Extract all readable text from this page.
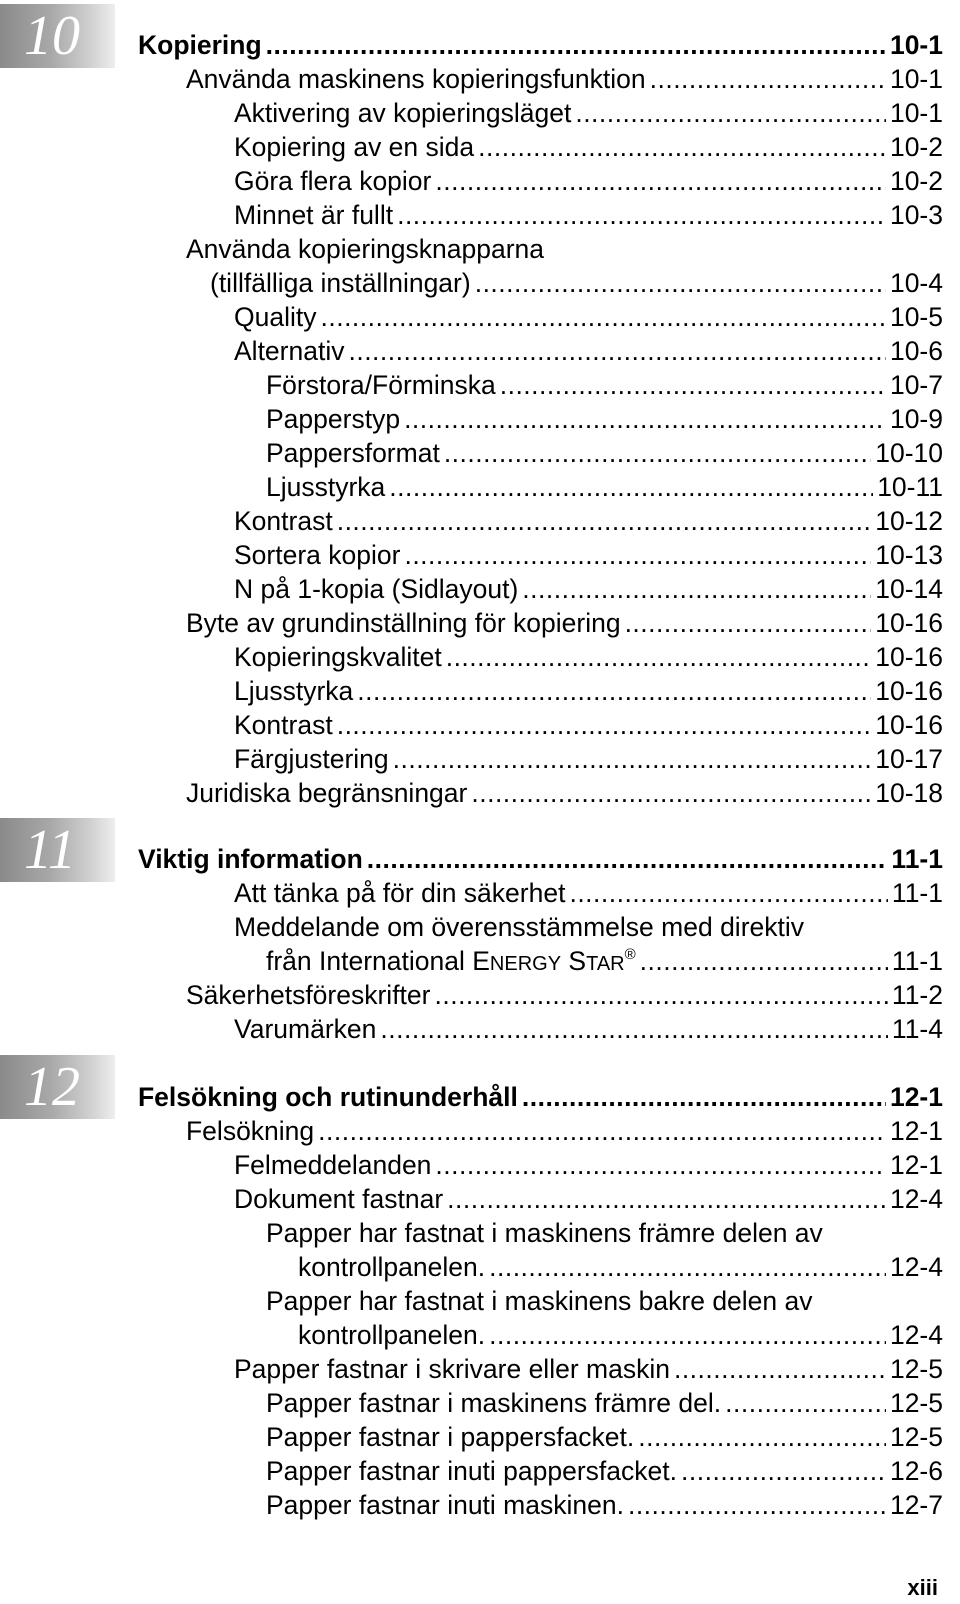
10 Kopiering .....	10-1
Använda maskinens kopieringsfunktion .....	10-1
Aktivering av kopieringsläget .....	10-1
Kopiering av en sida .....	10-2
Göra flera kopior .....	10-2
Minnet är fullt .....	10-3
Använda kopieringsknapparna
(tillfälliga inställningar) .....	10-4
Quality .....	10-5
Alternativ .....	10-6
Förstora/Förminska .....	10-7
Papperstyp .....	10-9
Pappersformat .....	10-10
Ljusstyrka .....	10-11
Kontrast .....	10-12
Sortera kopior .....	10-13
N på 1-kopia (Sidlayout) .....	10-14
Byte av grundinställning för kopiering .....	10-16
Kopieringskvalitet .....	10-16
Ljusstyrka .....	10-16
Kontrast .....	10-16
Färgjustering .....	10-17
Juridiska begränsningar .....	10-18
11 Viktig information .....	11-1
Att tänka på för din säkerhet .....	11-1
Meddelande om överensstämmelse med direktiv
från International ENERGY STAR® .....	11-1
Säkerhetsföreskrifter .....	11-2
Varumärken .....	11-4
12 Felsökning och rutinunderhåll .....	12-1
Felsökning .....	12-1
Felmeddelanden .....	12-1
Dokument fastnar .....	12-4
Papper har fastnat i maskinens främre delen av
kontrollpanelen. .....	12-4
Papper har fastnat i maskinens bakre delen av
kontrollpanelen. .....	12-4
Papper fastnar i skrivare eller maskin .....	12-5
Papper fastnar i maskinens främre del. .....	12-5
Papper fastnar i pappersfacket. .....	12-5
Papper fastnar inuti pappersfacket. .....	12-6
Papper fastnar inuti maskinen. .....	12-7
xiii
